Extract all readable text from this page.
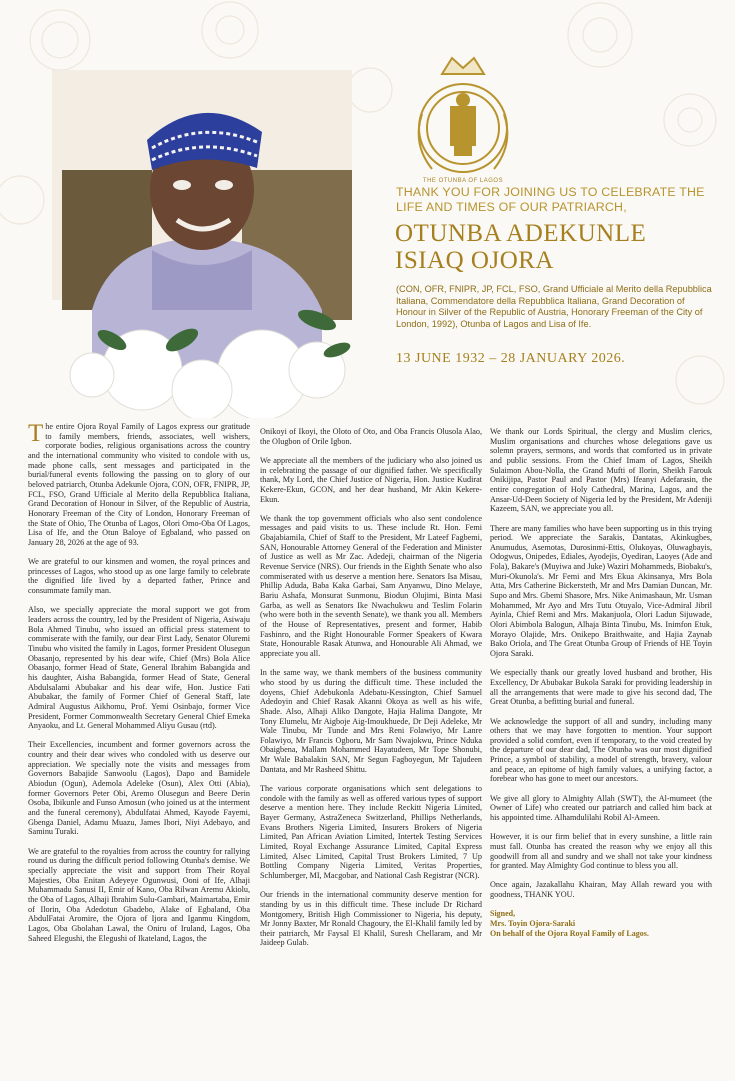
THE OTUNBA OF LAGOS
THANK YOU FOR JOINING US TO CELEBRATE THE LIFE AND TIMES OF OUR PATRIARCH,
OTUNBA ADEKUNLE ISIAQ OJORA
(CON, OFR, FNIPR, JP, FCL, FSO, Grand Ufficiale al Merito della Repubblica Italiana, Commendatore della Repubblica Italiana, Grand Decoration of Honour in Silver of the Republic of Austria, Honorary Freeman of the City of London, 1992), Otunba of Lagos and Lisa of Ife.
13 JUNE 1932 – 28 JANUARY 2026.

The entire Ojora Royal Family of Lagos express our gratitude to family members, friends, associates, well wishers, corporate bodies, religious organisations across the country and the international community who visited to condole with us, made phone calls, sent messages and participated in the burial/funeral events following the passing on to glory of our beloved patriarch, Otunba Adekunle Ojora, CON, OFR, FNIPR, JP, FCL, FSO, Grand Ufficiale al Merito della Repubblica Italiana, Grand Decoration of Honour in Silver, of the Republic of Austria, Honorary Freeman of the City of London, Honorary Freeman of the State of Ohio, The Otunba of Lagos, Olori Omo-Oba Of Lagos, Lisa of Ife, and the Otun Baloye of Egbaland, who passed on January 28, 2026 at the age of 93.

We are grateful to our kinsmen and women, the royal princes and princesses of Lagos, who stood up as one large family to celebrate the dignified life lived by a departed father, Prince and consummate family man.

Also, we specially appreciate the moral support we got from leaders across the country, led by the President of Nigeria, Asiwaju Bola Ahmed Tinubu, who issued an official press statement to commiserate with the family, our dear First Lady, Senator Oluremi Tinubu who visited the family in Lagos, former President Olusegun Obasanjo, represented by his dear wife, Chief (Mrs) Bola Alice Obasanjo, former Head of State, General Ibrahim Babangida and his daughter, Aisha Babangida, former Head of State, General Abdulsalami Abubakar and his dear wife, Hon. Justice Fati Abubakar, the family of Former Chief of General Staff, late Admiral Augustus Aikhomu, Prof. Yemi Osinbajo, former Vice President, Former Commonwealth Secretary General Chief Emeka Anyaoku, and Lt. General Mohammed Aliyu Gusau (rtd).

Their Excellencies, incumbent and former governors across the country and their dear wives who condoled with us deserve our appreciation. We specially note the visits and messages from Governors Babajide Sanwoolu (Lagos), Dapo and Bamidele Abiodun (Ogun), Ademola Adeleke (Osun), Alex Otti (Abia), former Governors Peter Obi, Aremo Olusegun and Beere Derin Osoba, Ibikunle and Funso Amosun (who joined us at the interment and the funeral ceremony), Abdulfatai Ahmed, Kayode Fayemi, Gbenga Daniel, Adamu Muazu, James Ibori, Niyi Adebayo, and Saminu Turaki.

We are grateful to the royalties from across the country for rallying round us during the difficult period following Otunba's demise. We specially appreciate the visit and support from Their Royal Majesties, Oba Enitan Adeyeye Ogunwusi, Ooni of Ife, Alhaji Muhammadu Sanusi II, Emir of Kano, Oba Rilwan Aremu Akiolu, the Oba of Lagos, Alhaji Ibrahim Sulu-Gambari, Maimartaba, Emir of Ilorin, Oba Adedotun Gbadebo, Alake of Egbaland, Oba AbdulFatai Aromire, the Ojora of Ijora and Iganmu Kingdom, Lagos, Oba Gbolahan Lawal, the Oniru of Iruland, Lagos, Oba Saheed Elegushi, the Elegushi of Ikateland, Lagos, the

Onikoyi of Ikoyi, the Oloto of Oto, and Oba Francis Olusola Alao, the Olugbon of Orile Igbon.

We appreciate all the members of the judiciary who also joined us in celebrating the passage of our dignified father. We specifically thank, My Lord, the Chief Justice of Nigeria, Hon. Justice Kudirat Kekere-Ekun, GCON, and her dear husband, Mr Akin Kekere-Ekun.

We thank the top government officials who also sent condolence messages and paid visits to us. These include Rt. Hon. Femi Gbajabiamila, Chief of Staff to the President, Mr Lateef Fagbemi, SAN, Honourable Attorney General of the Federation and Minister of Justice as well as Mr Zac. Adedeji, chairman of the Nigeria Revenue Service (NRS). Our friends in the Eighth Senate who also commiserated with us deserve a mention here. Senators Isa Misau, Phillip Aduda, Baba Kaka Garbai, Sam Anyanwu, Dino Melaye, Bariu Ashafa, Monsurat Sunmonu, Biodun Olujimi, Binta Masi Garba, as well as Senators Ike Nwachukwu and Teslim Folarin (who were both in the seventh Senate), we thank you all. Members of the House of Representatives, present and former, Habib Fashinro, and the Right Honourable Former Speakers of Kwara State, Honourable Rasak Atunwa, and Honourable Ali Ahmad, we appreciate you all.

In the same way, we thank members of the business community who stood by us during the difficult time. These included the doyens, Chief Adebukonla Adebatu-Kessington, Chief Samuel Adedoyin and Chief Rasak Akanni Okoya as well as his wife, Shade. Also, Alhaji Aliko Dangote, Hajia Halima Dangote, Mr Tony Elumelu, Mr Aigboje Aig-Imoukhuede, Dr Deji Adeleke, Mr Wale Tinubu, Mr Tunde and Mrs Reni Folawiyo, Mr Lanre Folawiyo, Mr Francis Ogboru, Mr Sam Nwajokwu, Prince Nduka Obaigbena, Mallam Mohammed Hayatudeen, Mr Tope Shonubi, Mr Wale Babalakin SAN, Mr Segun Fagboyegun, Mr Tajudeen Dantata, and Mr Rasheed Shittu.

The various corporate organisations which sent delegations to condole with the family as well as offered various types of support deserve a mention here. They include Reckitt Nigeria Limited, Bayer Germany, AstraZeneca Switzerland, Phillips Netherlands, Evans Brothers Nigeria Limited, Insurers Brokers of Nigeria Limited, Pan African Aviation Limited, Intertek Testing Services Limited, Royal Exchange Assurance Limited, Capital Express Limited, Alsec Limited, Capital Trust Brokers Limited, 7 Up Bottling Company Nigeria Limited, Veritas Properties, Schlumberger, MI, Macgobar, and National Cash Registrar (NCR).

Our friends in the international community deserve mention for standing by us in this difficult time. These include Dr Richard Montgomery, British High Commissioner to Nigeria, his deputy, Mr Jonny Baxter, Mr Ronald Chagoury, the El-Khalil family led by their patriarch, Mr Faysal El Khalil, Suresh Chellaram, and Mr Jaideep Gulab.

We thank our Lords Spiritual, the clergy and Muslim clerics, Muslim organisations and churches whose delegations gave us solemn prayers, sermons, and words that comforted us in private and public sessions. From the Chief Imam of Lagos, Sheikh Sulaimon Abou-Nolla, the Grand Mufti of Ilorin, Sheikh Farouk Onikijipa, Pastor Paul and Pastor (Mrs) Ifeanyi Adefarasin, the entire congregation of Holy Cathedral, Marina, Lagos, and the Ansar-Ud-Deen Society of Nigeria led by the President, Mr Adeniji Kazeem, SAN, we appreciate you all.

There are many families who have been supporting us in this trying period. We appreciate the Sarakis, Dantatas, Akinkugbes, Anumudus, Asemotas, Durosinmi-Ettis, Olukoyas, Oluwagbayis, Odogwus, Onipedes, Ediales, Ayodejis, Oyediran, Laoyes (Ade and Fola), Bakare's (Muyiwa and Juke) Waziri Mohammeds, Biobaku's, Muri-Okunola's. Mr Femi and Mrs Ekua Akinsanya, Mrs Bola Atta, Mrs Catherine Bickersteth, Mr and Mrs Damian Duncan, Mr. Supo and Mrs. Gbemi Shasore, Mrs. Nike Animashaun, Mr. Usman Mohammed, Mr Ayo and Mrs Tutu Otuyalo, Vice-Admiral Jibril Ayinla, Chief Remi and Mrs. Makanjuola, Olori Ladun Sijuwade, Olori Abimbola Balogun, Alhaja Binta Tinubu, Ms. Inimfon Etuk, Morayo Olajide, Mrs. Onikepo Braithwaite, and Hajia Zaynab Bako Oriola, and The Great Otunba Group of Friends of HE Toyin Ojora Saraki.

We especially thank our greatly loved husband and brother, His Excellency, Dr Abubakar Bukola Saraki for providing leadership in all the arrangements that were made to give his second dad, The Great Otunba, a befitting burial and funeral.

We acknowledge the support of all and sundry, including many others that we may have forgotten to mention. Your support provided a solid comfort, even if temporary, to the void created by the departure of our dear dad, The Otunba was our most dignified Prince, a symbol of stability, a model of strength, bravery, valour and peace, an epitome of high family values, a unifying factor, a forebear who has gone to meet our ancestors.

We give all glory to Almighty Allah (SWT), the Al-mumeet (the Owner of Life) who created our patriarch and called him back at his appointed time. Alhamdulilahi Robil Al-Ameen.

However, it is our firm belief that in every sunshine, a little rain must fall. Otunba has created the reason why we enjoy all this goodwill from all and sundry and we shall not take your kindness for granted. May Almighty God continue to bless you all.

Once again, Jazakallahu Khairan, May Allah reward you with goodness, THANK YOU.

Signed,
Mrs. Toyin Ojora-Saraki
On behalf of the Ojora Royal Family of Lagos.
